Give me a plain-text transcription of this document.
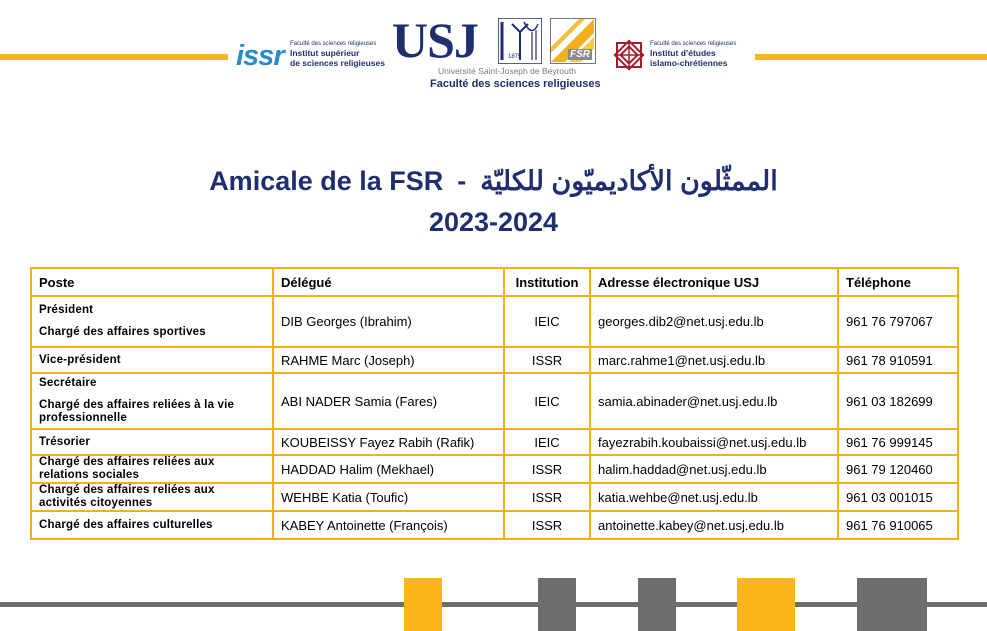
issr Faculté des sciences religieuses
Institut supérieur
de sciences religieuses USJ	1875	FSR
Université Saint-Joseph de Beyrouth
Faculté des sciences religieuses
Faculté des sciences religieuses
Institut d’études
islamo-chrétiennes
Amicale de la FSR - الممثّلون الأكاديميّون للكليّة
2023-2024
Poste	Délégué	Institution	Adresse électronique USJ	Téléphone

Président
Chargé des affaires sportives	DIB Georges (Ibrahim)	IEIC	georges.dib2@net.usj.edu.lb	961 76 797067

Vice-président	RAHME Marc (Joseph)	ISSR	marc.rahme1@net.usj.edu.lb	961 78 910591

Secrétaire
Chargé des affaires reliées à la vie professionnelle	ABI NADER Samia (Fares)	IEIC	samia.abinader@net.usj.edu.lb	961 03 182699

Trésorier	KOUBEISSY Fayez Rabih (Rafik)	IEIC	fayezrabih.koubaissi@net.usj.edu.lb	961 76 999145

Chargé des affaires reliées aux relations sociales	HADDAD Halim (Mekhael)	ISSR	halim.haddad@net.usj.edu.lb	961 79 120460

Chargé des affaires reliées aux activités citoyennes	WEHBE Katia (Toufic)	ISSR	katia.wehbe@net.usj.edu.lb	961 03 001015

Chargé des affaires culturelles	KABEY Antoinette (François)	ISSR	antoinette.kabey@net.usj.edu.lb	961 76 910065
